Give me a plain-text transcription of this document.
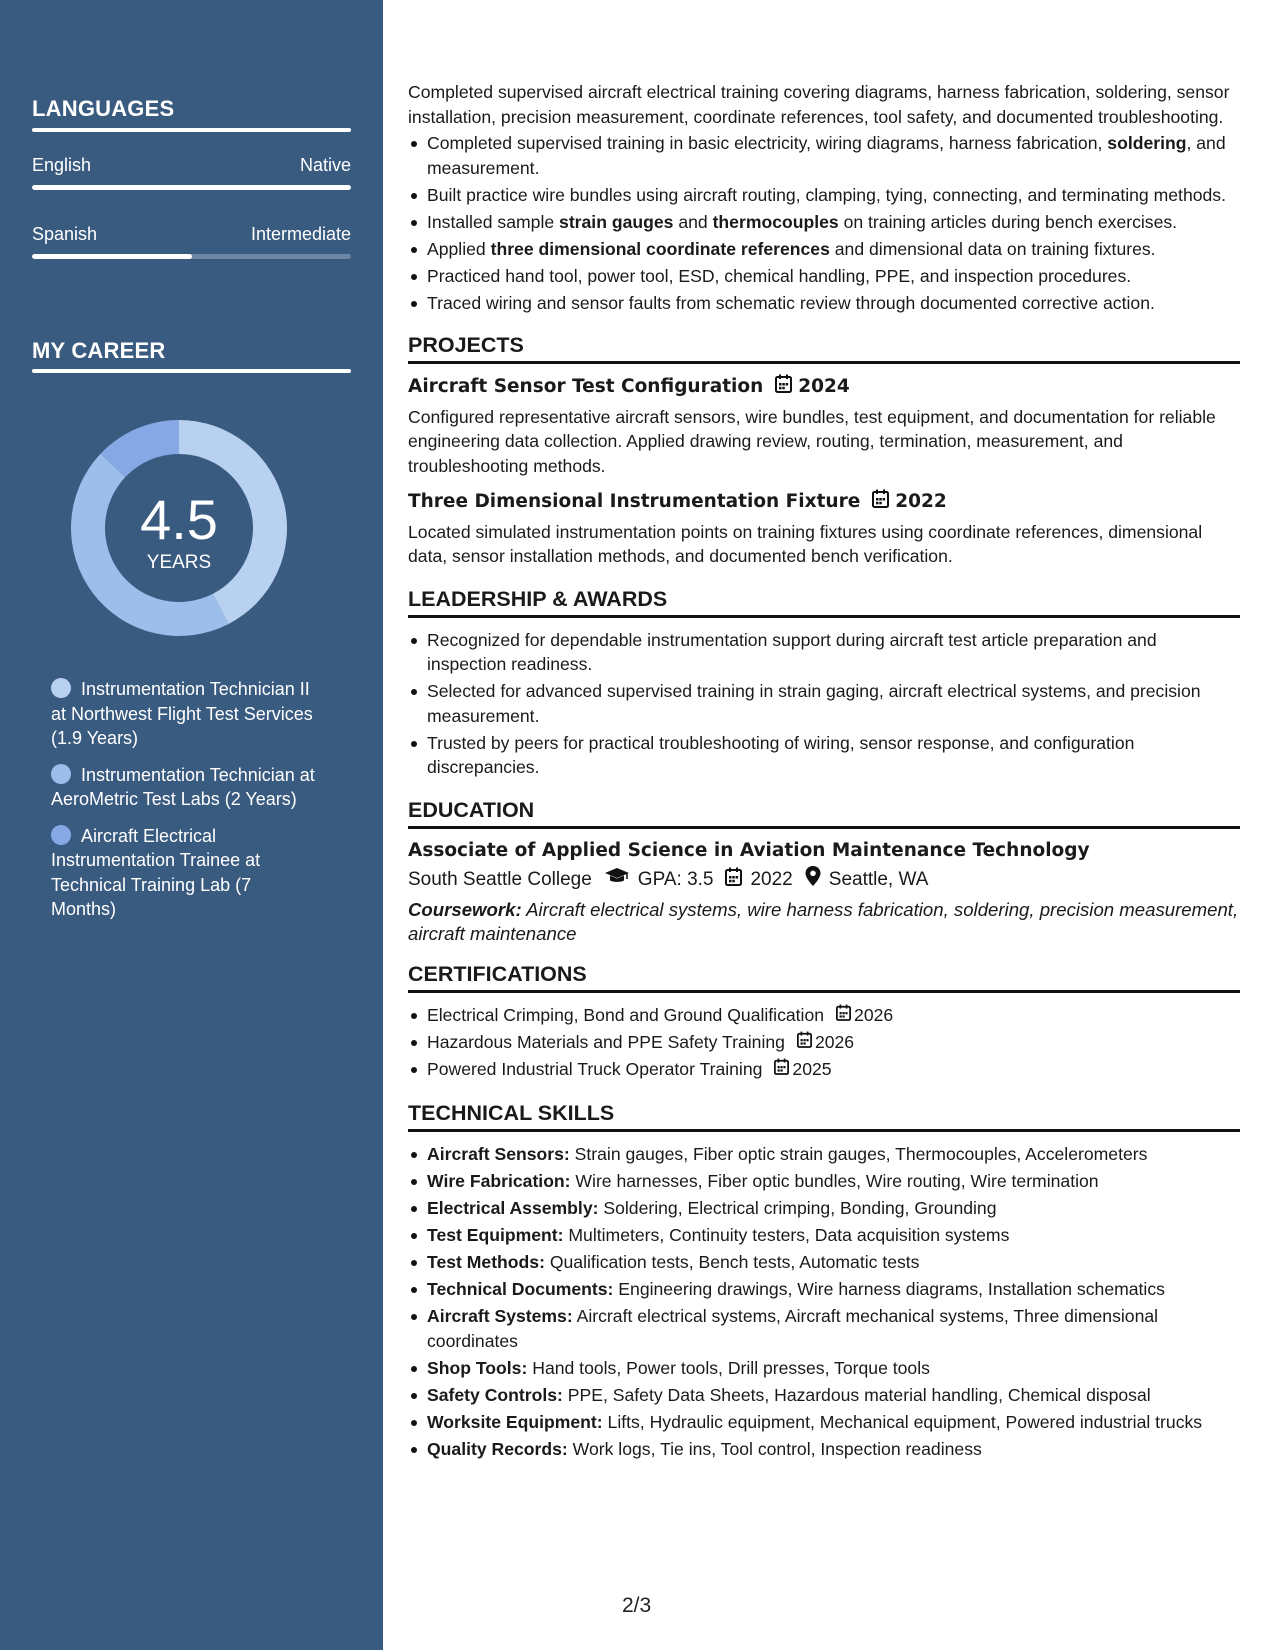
LANGUAGES
English	Native
Spanish	Intermediate
MY CAREER
4.5
YEARS
Instrumentation Technician II at Northwest Flight Test Services (1.9 Years)
Instrumentation Technician at AeroMetric Test Labs (2 Years)
Aircraft Electrical Instrumentation Trainee at Technical Training Lab (7 Months)

Completed supervised aircraft electrical training covering diagrams, harness fabrication, soldering, sensor installation, precision measurement, coordinate references, tool safety, and documented troubleshooting.

Completed supervised training in basic electricity, wiring diagrams, harness fabrication, soldering, and measurement.
Built practice wire bundles using aircraft routing, clamping, tying, connecting, and terminating methods.
Installed sample strain gauges and thermocouples on training articles during bench exercises.
Applied three dimensional coordinate references and dimensional data on training fixtures.
Practiced hand tool, power tool, ESD, chemical handling, PPE, and inspection procedures.
Traced wiring and sensor faults from schematic review through documented corrective action.
PROJECTS
Aircraft Sensor Test Configuration 2024

Configured representative aircraft sensors, wire bundles, test equipment, and documentation for reliable engineering data collection. Applied drawing review, routing, termination, measurement, and troubleshooting methods.

Three Dimensional Instrumentation Fixture 2022

Located simulated instrumentation points on training fixtures using coordinate references, dimensional data, sensor installation methods, and documented bench verification.

LEADERSHIP & AWARDS
Recognized for dependable instrumentation support during aircraft test article preparation and inspection readiness.
Selected for advanced supervised training in strain gaging, aircraft electrical systems, and precision measurement.
Trusted by peers for practical troubleshooting of wiring, sensor response, and configuration discrepancies.
EDUCATION
Associate of Applied Science in Aviation Maintenance Technology
South Seattle College GPA: 3.5 2022 Seattle, WA

Coursework: Aircraft electrical systems, wire harness fabrication, soldering, precision measurement, aircraft maintenance

CERTIFICATIONS
Electrical Crimping, Bond and Ground Qualification 2026
Hazardous Materials and PPE Safety Training 2026
Powered Industrial Truck Operator Training 2025
TECHNICAL SKILLS
Aircraft Sensors: Strain gauges, Fiber optic strain gauges, Thermocouples, Accelerometers
Wire Fabrication: Wire harnesses, Fiber optic bundles, Wire routing, Wire termination
Electrical Assembly: Soldering, Electrical crimping, Bonding, Grounding
Test Equipment: Multimeters, Continuity testers, Data acquisition systems
Test Methods: Qualification tests, Bench tests, Automatic tests
Technical Documents: Engineering drawings, Wire harness diagrams, Installation schematics
Aircraft Systems: Aircraft electrical systems, Aircraft mechanical systems, Three dimensional coordinates
Shop Tools: Hand tools, Power tools, Drill presses, Torque tools
Safety Controls: PPE, Safety Data Sheets, Hazardous material handling, Chemical disposal
Worksite Equipment: Lifts, Hydraulic equipment, Mechanical equipment, Powered industrial trucks
Quality Records: Work logs, Tie ins, Tool control, Inspection readiness
2/3
